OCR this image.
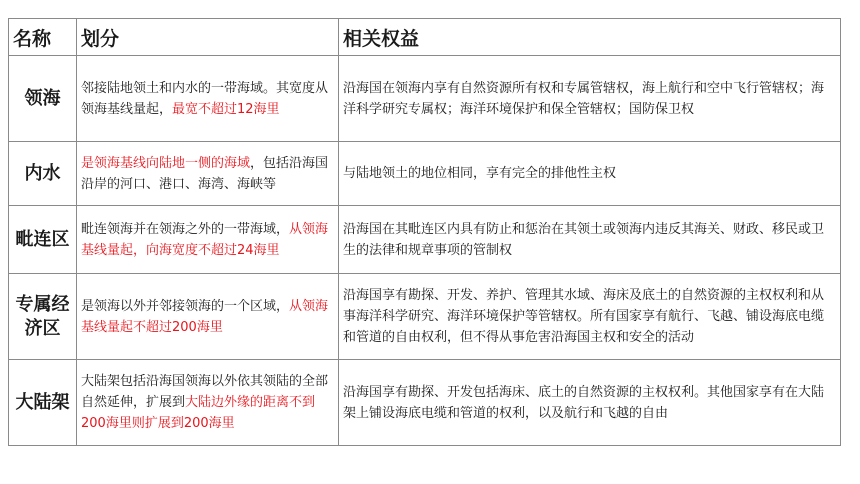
名称	划分	相关权益
领海	邻接陆地领土和内水的一带海域。其宽度从领海基线量起，最宽不超过12海里	沿海国在领海内享有自然资源所有权和专属管辖权，海上航行和空中飞行管辖权；海洋科学研究专属权；海洋环境保护和保全管辖权；国防保卫权
内水	是领海基线向陆地一侧的海域，包括沿海国沿岸的河口、港口、海湾、海峡等	与陆地领土的地位相同，享有完全的排他性主权
毗连区	毗连领海并在领海之外的一带海域，从领海基线量起，向海宽度不超过24海里	沿海国在其毗连区内具有防止和惩治在其领土或领海内违反其海关、财政、移民或卫生的法律和规章事项的管制权
专属经济区	是领海以外并邻接领海的一个区域，从领海基线量起不超过200海里	沿海国享有勘探、开发、养护、管理其水域、海床及底土的自然资源的主权权利和从事海洋科学研究、海洋环境保护等管辖权。所有国家享有航行、飞越、铺设海底电缆和管道的自由权利，但不得从事危害沿海国主权和安全的活动
大陆架	大陆架包括沿海国领海以外依其领陆的全部自然延伸，扩展到大陆边外缘的距离不到200海里则扩展到200海里	沿海国享有勘探、开发包括海床、底土的自然资源的主权权利。其他国家享有在大陆架上铺设海底电缆和管道的权利，以及航行和飞越的自由
